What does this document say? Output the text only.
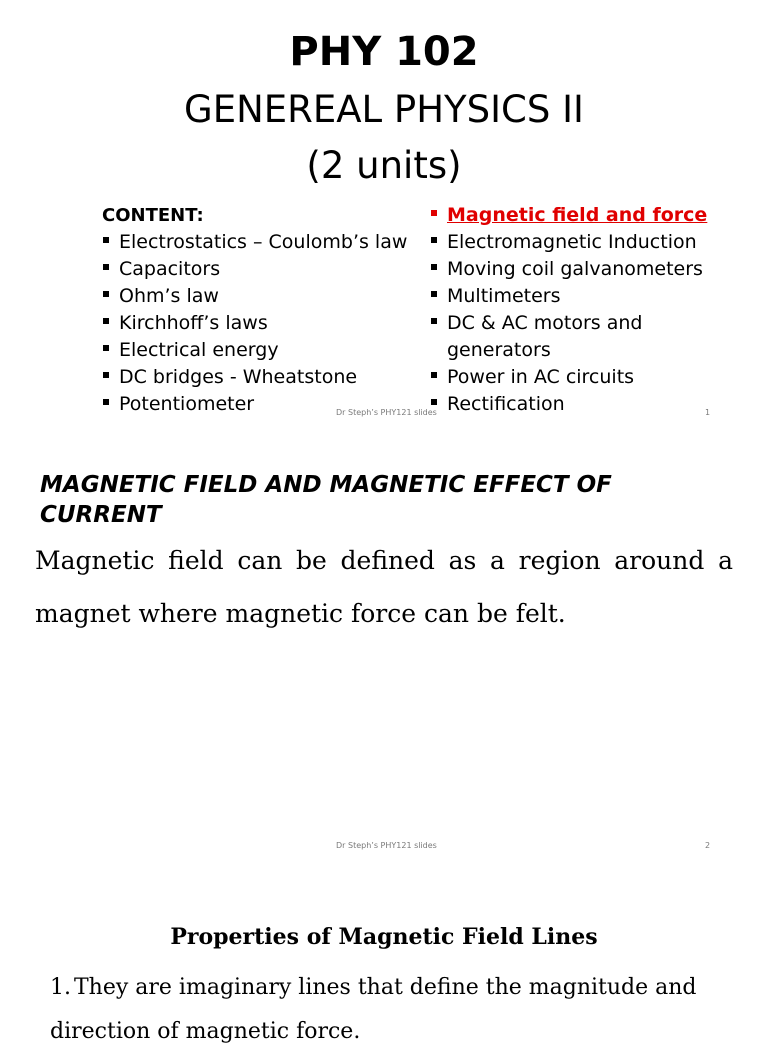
PHY 102
GENEREAL PHYSICS II
(2 units)
CONTENT:
Electrostatics – Coulomb’s law
Capacitors
Ohm’s law
Kirchhoff’s laws
Electrical energy
DC bridges - Wheatstone
Potentiometer
Magnetic field and force
Electromagnetic Induction
Moving coil galvanometers
Multimeters
DC & AC motors and generators
Power in AC circuits
Rectification
Dr Steph’s PHY121 slides	1
MAGNETIC FIELD AND MAGNETIC EFFECT OF CURRENT
Magnetic field can be defined as a region around a magnet where magnetic force can be felt.
Dr Steph’s PHY121 slides	2
Properties of Magnetic Field Lines
1. They are imaginary lines that define the magnitude and direction of magnetic force.
